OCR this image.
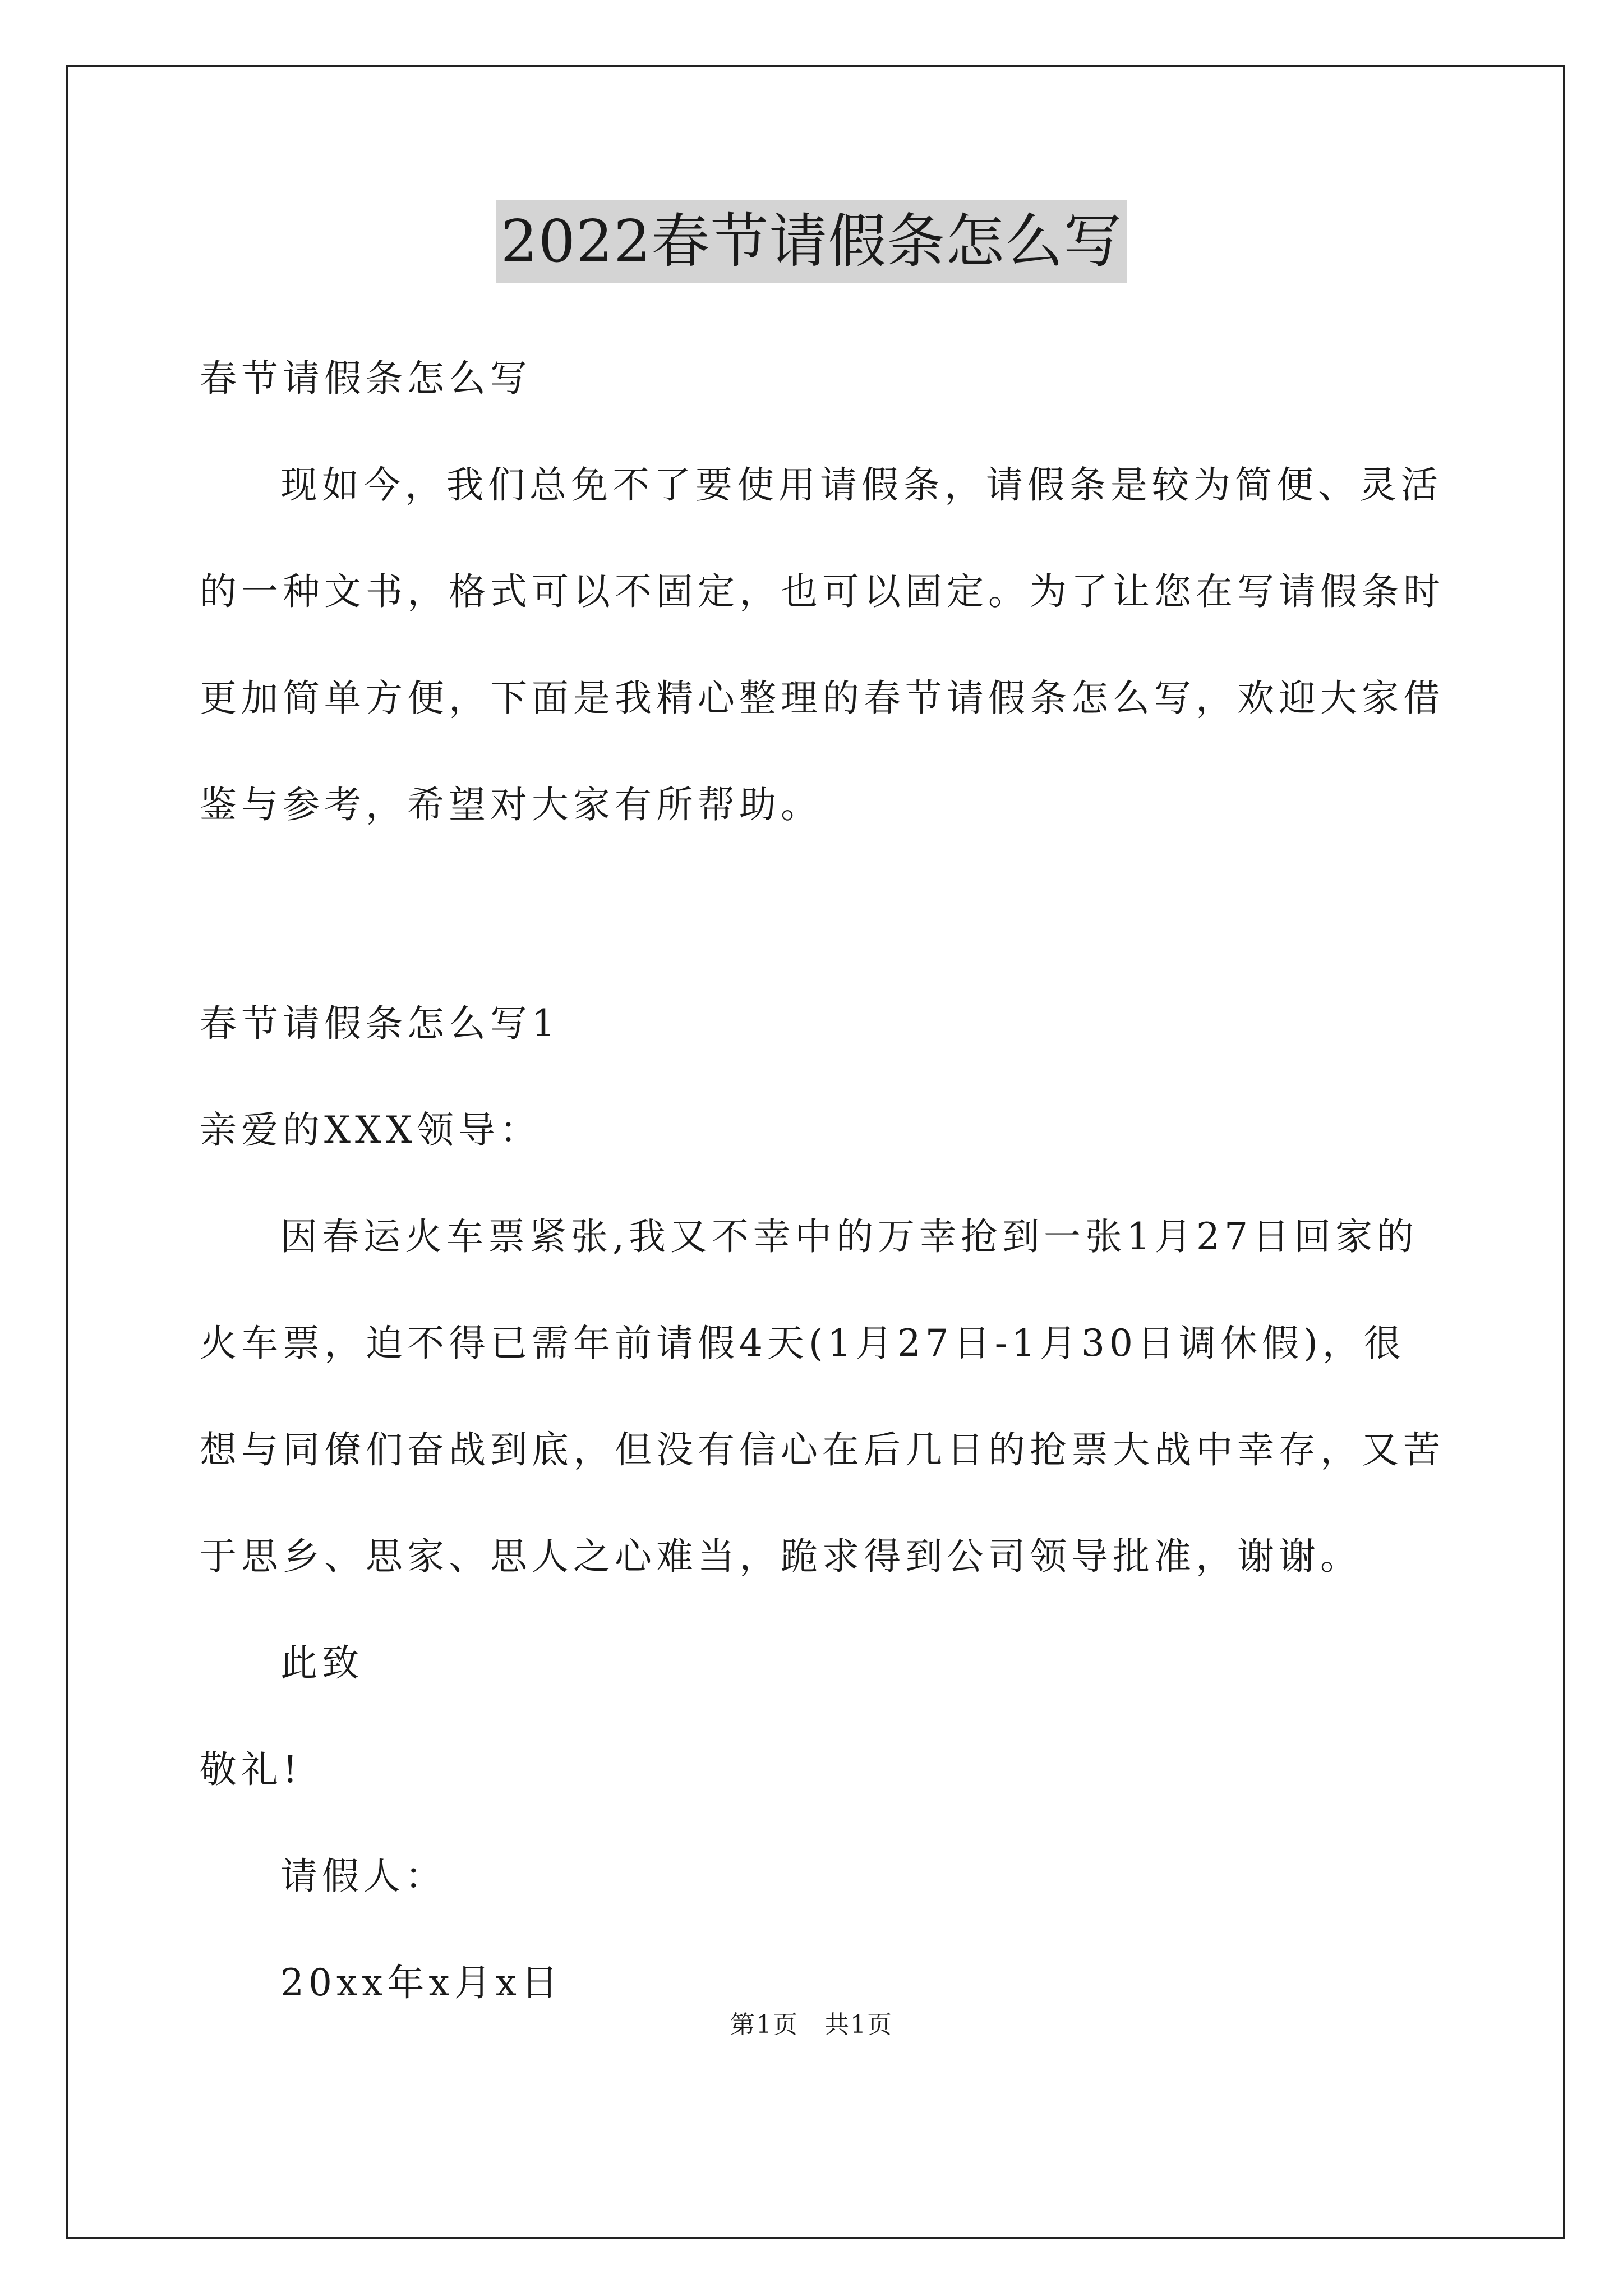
2022春节请假条怎么写
春节请假条怎么写
现如今，我们总免不了要使用请假条，请假条是较为简便、灵活
的一种文书，格式可以不固定，也可以固定。为了让您在写请假条时
更加简单方便，下面是我精心整理的春节请假条怎么写，欢迎大家借
鉴与参考，希望对大家有所帮助。
春节请假条怎么写1
亲爱的XXX领导：
因春运火车票紧张,我又不幸中的万幸抢到一张1月27日回家的
火车票，迫不得已需年前请假4天(1月27日-1月30日调休假)，很
想与同僚们奋战到底，但没有信心在后几日的抢票大战中幸存，又苦
于思乡、思家、思人之心难当，跪求得到公司领导批准，谢谢。
此致
敬礼!
请假人：
20xx年x月x日
第1页　共1页
